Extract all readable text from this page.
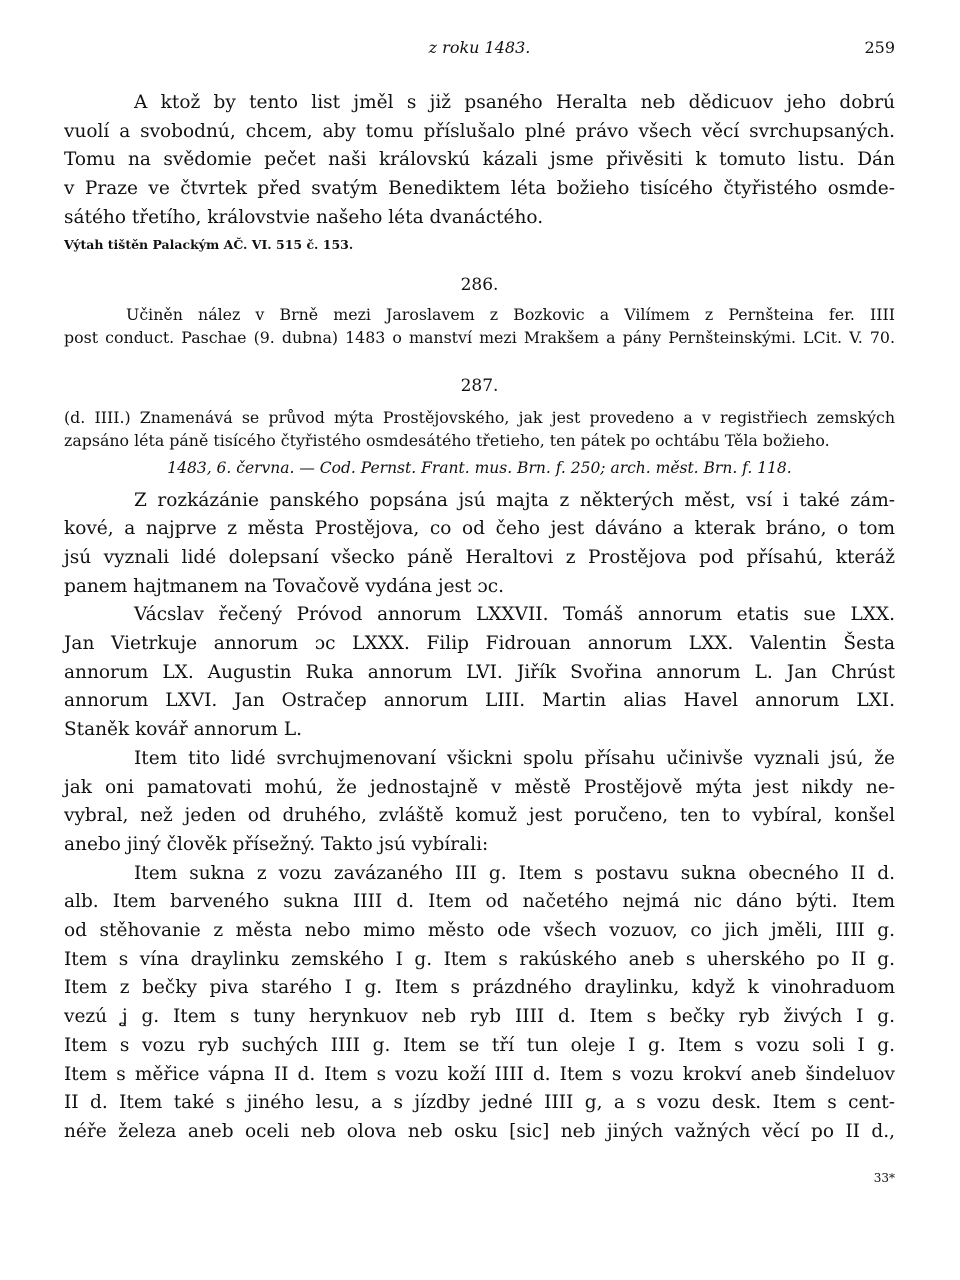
z roku 1483.	259

A ktož by tento list jměl s již psaného Heralta neb dědicuov jeho dobrú

vuolí a svobodnú, chcem, aby tomu příslušalo plné právo všech věcí svrchupsaných.

Tomu na svědomie pečet naši královskú kázali jsme přivěsiti k tomuto listu. Dán

v Praze ve čtvrtek před svatým Benediktem léta božieho tisícého čtyřistého osmde-

sátého třetího, královstvie našeho léta dvanáctého.

Výtah tištěn Palackým AČ. VI. 515 č. 153.

286.

Učiněn nález v Brně mezi Jaroslavem z Bozkovic a Vilímem z Pernšteina fer. IIII

post conduct. Paschae (9. dubna) 1483 o manství mezi Mrakšem a pány Pernšteinskými. LCit. V. 70.

287.

(d. IIII.) Znamenává se průvod mýta Prostějovského, jak jest provedeno a v registřiech zemských

zapsáno léta páně tisícého čtyřistého osmdesátého třetieho, ten pátek po ochtábu Těla božieho.

1483, 6. června. — Cod. Pernst. Frant. mus. Brn. f. 250; arch. měst. Brn. f. 118.

Z rozkázánie panského popsána jsú majta z některých měst, vsí i také zám-

kové, a najprve z města Prostějova, co od čeho jest dáváno a kterak bráno, o tom

jsú vyznali lidé dolepsaní všecko páně Heraltovi z Prostějova pod přísahú, kteráž

panem hajtmanem na Tovačově vydána jest ɔc.

Vácslav řečený Próvod annorum LXXVII. Tomáš annorum etatis sue LXX.

Jan Vietrkuje annorum ɔc LXXX. Filip Fidrouan annorum LXX. Valentin Šesta

annorum LX. Augustin Ruka annorum LVI. Jiřík Svořina annorum L. Jan Chrúst

annorum LXVI. Jan Ostračep annorum LIII. Martin alias Havel annorum LXI.

Staněk kovář annorum L.

Item tito lidé svrchujmenovaní všickni spolu přísahu učinivše vyznali jsú, že

jak oni pamatovati mohú, že jednostajně v městě Prostějově mýta jest nikdy ne-

vybral, než jeden od druhého, zvláště komuž jest poručeno, ten to vybíral, konšel

anebo jiný člověk přísežný. Takto jsú vybírali:

Item sukna z vozu zavázaného III g. Item s postavu sukna obecného II d.

alb. Item barveného sukna IIII d. Item od načetého nejmá nic dáno býti. Item

od stěhovanie z města nebo mimo město ode všech vozuov, co jich jměli, IIII g.

Item s vína draylinku zemského I g. Item s rakúského aneb s uherského po II g.

Item z bečky piva starého I g. Item s prázdného draylinku, když k vinohraduom

vezú ʝ g. Item s tuny herynkuov neb ryb IIII d. Item s bečky ryb živých I g.

Item s vozu ryb suchých IIII g. Item se tří tun oleje I g. Item s vozu soli I g.

Item s měřice vápna II d. Item s vozu koží IIII d. Item s vozu krokví aneb šindeluov

II d. Item také s jiného lesu, a s jízdby jedné IIII g, a s vozu desk. Item s cent-

néře železa aneb oceli neb olova neb osku [sic] neb jiných važných věcí po II d.,

33*
